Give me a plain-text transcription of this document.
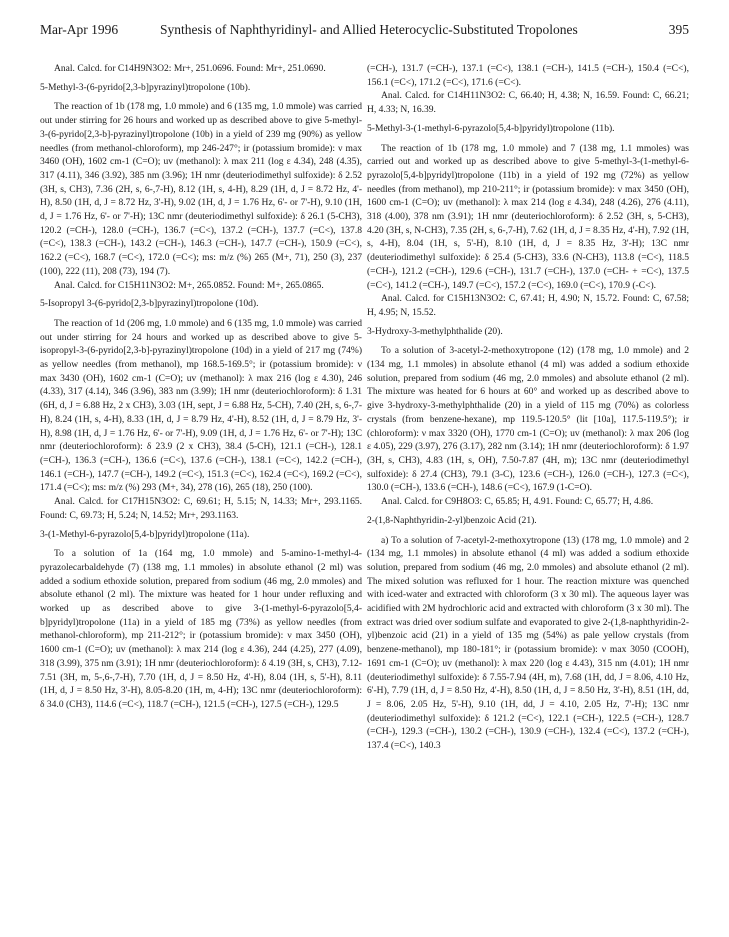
Mar-Apr 1996	Synthesis of Naphthyridinyl- and Allied Heterocyclic-Substituted Tropolones	395

Anal. Calcd. for C14H9N3O2: Mr+, 251.0696. Found: Mr+, 251.0690.

5-Methyl-3-(6-pyrido[2,3-b]pyrazinyl)tropolone (10b).

The reaction of 1b (178 mg, 1.0 mmole) and 6 (135 mg, 1.0 mmole) was carried out under stirring for 26 hours and worked up as described above to give 5-methyl-3-(6-pyrido[2,3-b]-pyrazinyl)tropolone (10b) in a yield of 239 mg (90%) as yellow needles (from methanol-chloroform), mp 246-247°; ir (potassium bromide): ν max 3460 (OH), 1602 cm-1 (C=O); uv (methanol): λ max 211 (log ε 4.34), 248 (4.35), 317 (4.11), 346 (3.92), 385 nm (3.96); 1H nmr (deuteriodimethyl sulfoxide): δ 2.52 (3H, s, CH3), 7.36 (2H, s, 6-,7-H), 8.12 (1H, s, 4-H), 8.29 (1H, d, J = 8.72 Hz, 4'-H), 8.50 (1H, d, J = 8.72 Hz, 3'-H), 9.02 (1H, d, J = 1.76 Hz, 6'- or 7'-H), 9.10 (1H, d, J = 1.76 Hz, 6'- or 7'-H); 13C nmr (deuteriodimethyl sulfoxide): δ 26.1 (5-CH3), 120.2 (=CH-), 128.0 (=CH-), 136.7 (=C<), 137.2 (=CH-), 137.7 (=C<), 137.8 (=C<), 138.3 (=CH-), 143.2 (=CH-), 146.3 (=CH-), 147.7 (=CH-), 150.9 (=C<), 162.2 (=C<), 168.7 (=C<), 172.0 (=C<); ms: m/z (%) 265 (M+, 71), 250 (3), 237 (100), 222 (11), 208 (73), 194 (7).

Anal. Calcd. for C15H11N3O2: M+, 265.0852. Found: M+, 265.0865.

5-Isopropyl 3-(6-pyrido[2,3-b]pyrazinyl)tropolone (10d).

The reaction of 1d (206 mg, 1.0 mmole) and 6 (135 mg, 1.0 mmole) was carried out under stirring for 24 hours and worked up as described above to give 5-isopropyl-3-(6-pyrido[2,3-b]-pyrazinyl)tropolone (10d) in a yield of 217 mg (74%) as yellow needles (from methanol), mp 168.5-169.5°; ir (potassium bromide): ν max 3430 (OH), 1602 cm-1 (C=O); uv (methanol): λ max 216 (log ε 4.30), 246 (4.33), 317 (4.14), 346 (3.96), 383 nm (3.99); 1H nmr (deuteriochloroform): δ 1.31 (6H, d, J = 6.88 Hz, 2 x CH3), 3.03 (1H, sept, J = 6.88 Hz, 5-CH), 7.40 (2H, s, 6-,7-H), 8.24 (1H, s, 4-H), 8.33 (1H, d, J = 8.79 Hz, 4'-H), 8.52 (1H, d, J = 8.79 Hz, 3'-H), 8.98 (1H, d, J = 1.76 Hz, 6'- or 7'-H), 9.09 (1H, d, J = 1.76 Hz, 6'- or 7'-H); 13C nmr (deuteriochloroform): δ 23.9 (2 x CH3), 38.4 (5-CH), 121.1 (=CH-), 128.1 (=CH-), 136.3 (=CH-), 136.6 (=C<), 137.6 (=CH-), 138.1 (=C<), 142.2 (=CH-), 146.1 (=CH-), 147.7 (=CH-), 149.2 (=C<), 151.3 (=C<), 162.4 (=C<), 169.2 (=C<), 171.4 (=C<); ms: m/z (%) 293 (M+, 34), 278 (16), 265 (18), 250 (100).

Anal. Calcd. for C17H15N3O2: C, 69.61; H, 5.15; N, 14.33; Mr+, 293.1165. Found: C, 69.73; H, 5.24; N, 14.52; Mr+, 293.1163.

3-(1-Methyl-6-pyrazolo[5,4-b]pyridyl)tropolone (11a).

To a solution of 1a (164 mg, 1.0 mmole) and 5-amino-1-methyl-4-pyrazolecarbaldehyde (7) (138 mg, 1.1 mmoles) in absolute ethanol (2 ml) was added a sodium ethoxide solution, prepared from sodium (46 mg, 2.0 mmoles) and absolute ethanol (2 ml). The mixture was heated for 1 hour under refluxing and worked up as described above to give 3-(1-methyl-6-pyrazolo[5,4-b]pyridyl)tropolone (11a) in a yield of 185 mg (73%) as yellow needles (from methanol-chloroform), mp 211-212°; ir (potassium bromide): ν max 3450 (OH), 1600 cm-1 (C=O); uv (methanol): λ max 214 (log ε 4.36), 244 (4.25), 277 (4.09), 318 (3.99), 375 nm (3.91); 1H nmr (deuteriochloroform): δ 4.19 (3H, s, CH3), 7.12-7.51 (3H, m, 5-,6-,7-H), 7.70 (1H, d, J = 8.50 Hz, 4'-H), 8.04 (1H, s, 5'-H), 8.11 (1H, d, J = 8.50 Hz, 3'-H), 8.05-8.20 (1H, m, 4-H); 13C nmr (deuteriochloroform): δ 34.0 (CH3), 114.6 (=C<), 118.7 (=CH-), 121.5 (=CH-), 127.5 (=CH-), 129.5

(=CH-), 131.7 (=CH-), 137.1 (=C<), 138.1 (=CH-), 141.5 (=CH-), 150.4 (=C<), 156.1 (=C<), 171.2 (=C<), 171.6 (=C<).

Anal. Calcd. for C14H11N3O2: C, 66.40; H, 4.38; N, 16.59. Found: C, 66.21; H, 4.33; N, 16.39.

5-Methyl-3-(1-methyl-6-pyrazolo[5,4-b]pyridyl)tropolone (11b).

The reaction of 1b (178 mg, 1.0 mmole) and 7 (138 mg, 1.1 mmoles) was carried out and worked up as described above to give 5-methyl-3-(1-methyl-6-pyrazolo[5,4-b]pyridyl)tropolone (11b) in a yield of 192 mg (72%) as yellow needles (from methanol), mp 210-211°; ir (potassium bromide): ν max 3450 (OH), 1600 cm-1 (C=O); uv (methanol): λ max 214 (log ε 4.34), 248 (4.26), 276 (4.11), 318 (4.00), 378 nm (3.91); 1H nmr (deuteriochloroform): δ 2.52 (3H, s, 5-CH3), 4.20 (3H, s, N-CH3), 7.35 (2H, s, 6-,7-H), 7.62 (1H, d, J = 8.35 Hz, 4'-H), 7.92 (1H, s, 4-H), 8.04 (1H, s, 5'-H), 8.10 (1H, d, J = 8.35 Hz, 3'-H); 13C nmr (deuteriodimethyl sulfoxide): δ 25.4 (5-CH3), 33.6 (N-CH3), 113.8 (=C<), 118.5 (=CH-), 121.2 (=CH-), 129.6 (=CH-), 131.7 (=CH-), 137.0 (=CH- + =C<), 137.5 (=C<), 141.2 (=CH-), 149.7 (=C<), 157.2 (=C<), 169.0 (=C<), 170.9 (-C<).

Anal. Calcd. for C15H13N3O2: C, 67.41; H, 4.90; N, 15.72. Found: C, 67.58; H, 4.95; N, 15.52.

3-Hydroxy-3-methylphthalide (20).

To a solution of 3-acetyl-2-methoxytropone (12) (178 mg, 1.0 mmole) and 2 (134 mg, 1.1 mmoles) in absolute ethanol (4 ml) was added a sodium ethoxide solution, prepared from sodium (46 mg, 2.0 mmoles) and absolute ethanol (2 ml). The mixture was heated for 6 hours at 60° and worked up as described above to give 3-hydroxy-3-methylphthalide (20) in a yield of 115 mg (70%) as colorless crystals (from benzene-hexane), mp 119.5-120.5° (lit [10a], 117.5-119.5°); ir (chloroform): ν max 3320 (OH), 1770 cm-1 (C=O); uv (methanol): λ max 206 (log ε 4.05), 229 (3.97), 276 (3.17), 282 nm (3.14); 1H nmr (deuteriochloroform): δ 1.97 (3H, s, CH3), 4.83 (1H, s, OH), 7.50-7.87 (4H, m); 13C nmr (deuteriodimethyl sulfoxide): δ 27.4 (CH3), 79.1 (3-C), 123.6 (=CH-), 126.0 (=CH-), 127.3 (=C<), 130.0 (=CH-), 133.6 (=CH-), 148.6 (=C<), 167.9 (1-C=O).

Anal. Calcd. for C9H8O3: C, 65.85; H, 4.91. Found: C, 65.77; H, 4.86.

2-(1,8-Naphthyridin-2-yl)benzoic Acid (21).

a) To a solution of 7-acetyl-2-methoxytropone (13) (178 mg, 1.0 mmole) and 2 (134 mg, 1.1 mmoles) in absolute ethanol (4 ml) was added a sodium ethoxide solution, prepared from sodium (46 mg, 2.0 mmoles) and absolute ethanol (2 ml). The mixed solution was refluxed for 1 hour. The reaction mixture was quenched with iced-water and extracted with chloroform (3 x 30 ml). The aqueous layer was acidified with 2M hydrochloric acid and extracted with chloroform (3 x 30 ml). The extract was dried over sodium sulfate and evaporated to give 2-(1,8-naphthyridin-2-yl)benzoic acid (21) in a yield of 135 mg (54%) as pale yellow crystals (from benzene-methanol), mp 180-181°; ir (potassium bromide): ν max 3050 (COOH), 1691 cm-1 (C=O); uv (methanol): λ max 220 (log ε 4.43), 315 nm (4.01); 1H nmr (deuteriodimethyl sulfoxide): δ 7.55-7.94 (4H, m), 7.68 (1H, dd, J = 8.06, 4.10 Hz, 6'-H), 7.79 (1H, d, J = 8.50 Hz, 4'-H), 8.50 (1H, d, J = 8.50 Hz, 3'-H), 8.51 (1H, dd, J = 8.06, 2.05 Hz, 5'-H), 9.10 (1H, dd, J = 4.10, 2.05 Hz, 7'-H); 13C nmr (deuteriodimethyl sulfoxide): δ 121.2 (=C<), 122.1 (=CH-), 122.5 (=CH-), 128.7 (=CH-), 129.3 (=CH-), 130.2 (=CH-), 130.9 (=CH-), 132.4 (=C<), 137.2 (=CH-), 137.4 (=C<), 140.3
